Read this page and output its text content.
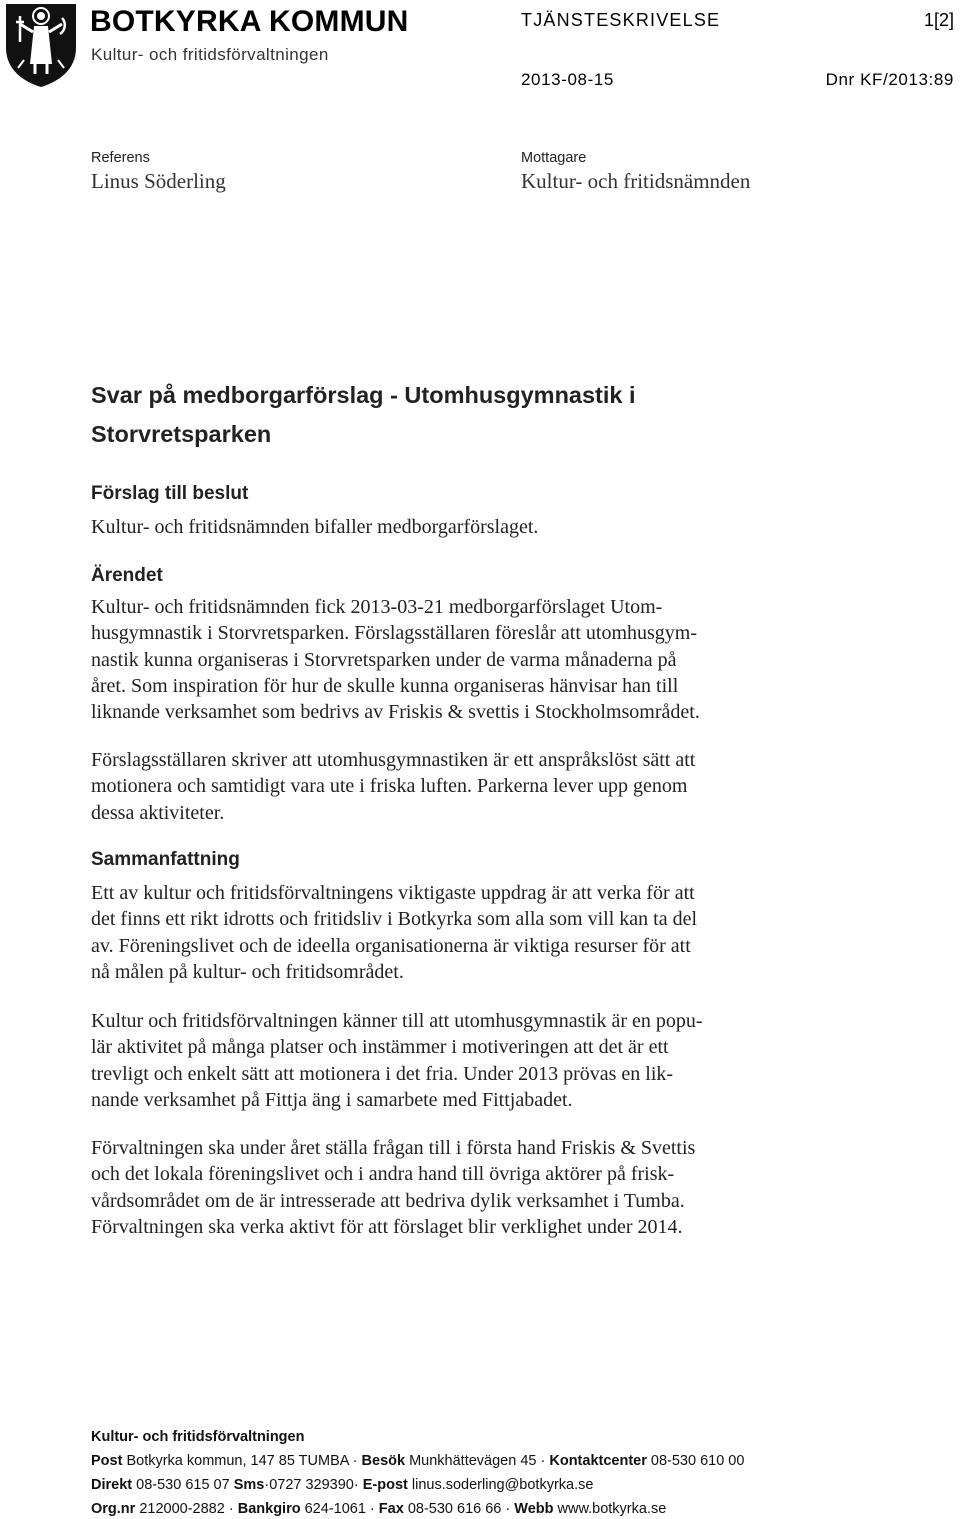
BOTKYRKA KOMMUN
Kultur- och fritidsförvaltningen
TJÄNSTESKRIVELSE	1[2]
2013-08-15	Dnr KF/2013:89
Referens
Linus Söderling
Mottagare
Kultur- och fritidsnämnden
Svar på medborgarförslag - Utomhusgymnastik i
Storvretsparken
Förslag till beslut
Kultur- och fritidsnämnden bifaller medborgarförslaget.
Ärendet
Kultur- och fritidsnämnden fick 2013-03-21 medborgarförslaget Utom-
husgymnastik i Storvretsparken. Förslagsställaren föreslår att utomhusgym-
nastik kunna organiseras i Storvretsparken under de varma månaderna på
året. Som inspiration för hur de skulle kunna organiseras hänvisar han till
liknande verksamhet som bedrivs av Friskis & svettis i Stockholmsområdet.
Förslagsställaren skriver att utomhusgymnastiken är ett anspråkslöst sätt att
motionera och samtidigt vara ute i friska luften. Parkerna lever upp genom
dessa aktiviteter.
Sammanfattning
Ett av kultur och fritidsförvaltningens viktigaste uppdrag är att verka för att
det finns ett rikt idrotts och fritidsliv i Botkyrka som alla som vill kan ta del
av. Föreningslivet och de ideella organisationerna är viktiga resurser för att
nå målen på kultur- och fritidsområdet.
Kultur och fritidsförvaltningen känner till att utomhusgymnastik är en popu-
lär aktivitet på många platser och instämmer i motiveringen att det är ett
trevligt och enkelt sätt att motionera i det fria. Under 2013 prövas en lik-
nande verksamhet på Fittja äng i samarbete med Fittjabadet.
Förvaltningen ska under året ställa frågan till i första hand Friskis & Svettis
och det lokala föreningslivet och i andra hand till övriga aktörer på frisk-
vårdsområdet om de är intresserade att bedriva dylik verksamhet i Tumba.
Förvaltningen ska verka aktivt för att förslaget blir verklighet under 2014.
Kultur- och fritidsförvaltningen
Post Botkyrka kommun, 147 85 TUMBA · Besök Munkhättevägen 45 · Kontaktcenter 08-530 610 00
Direkt 08-530 615 07 Sms·0727 329390· E-post linus.soderling@botkyrka.se
Org.nr 212000-2882 · Bankgiro 624-1061 · Fax 08-530 616 66 · Webb www.botkyrka.se
